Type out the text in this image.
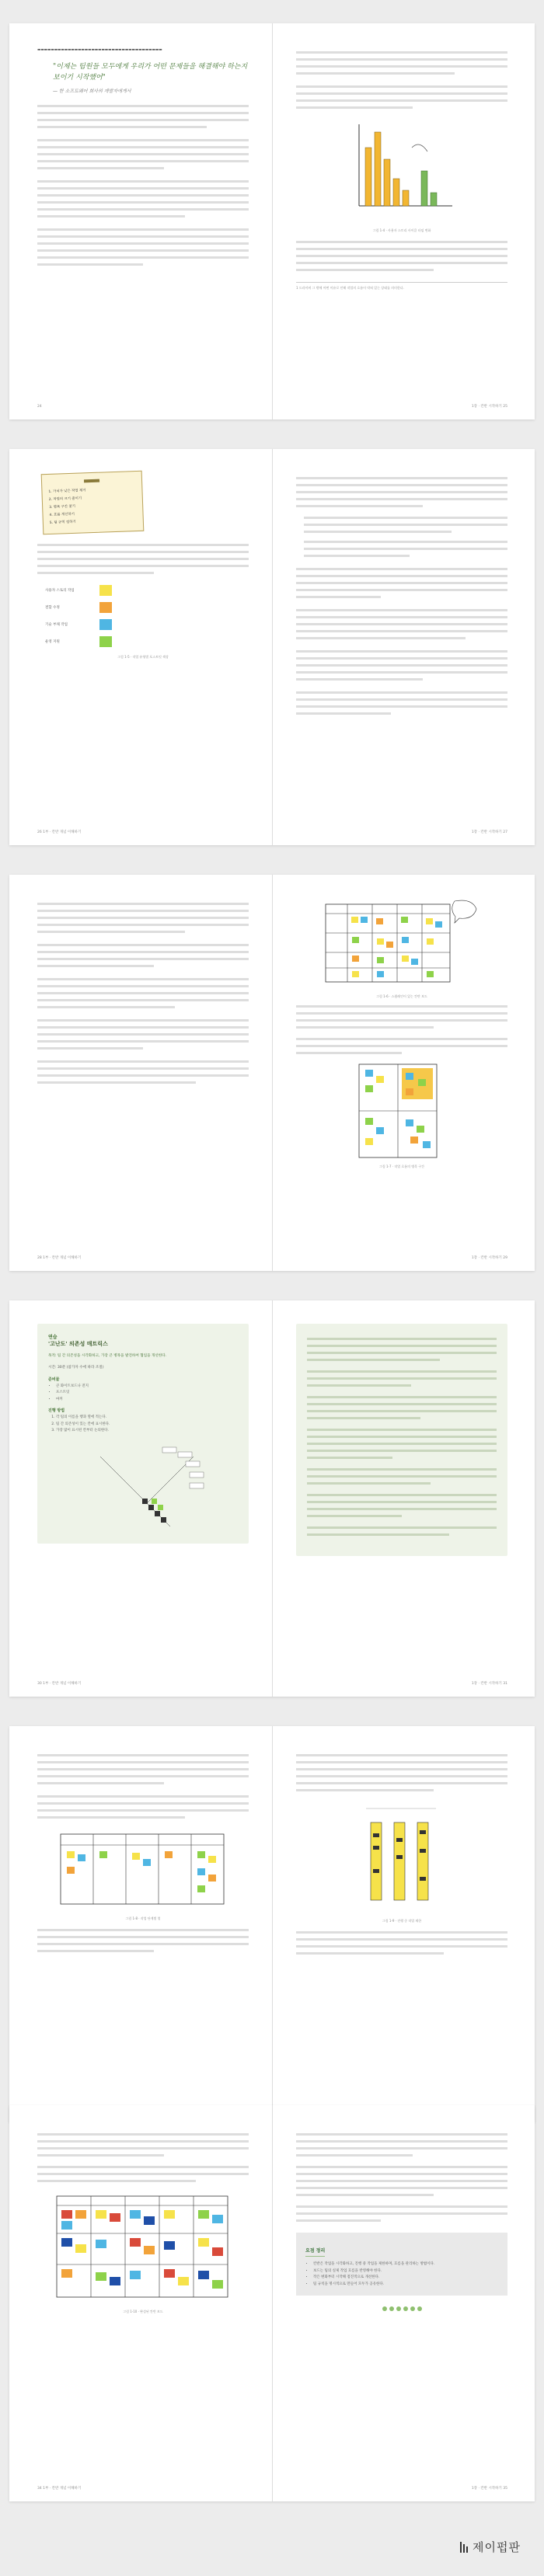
▬▬▬▬▬▬▬▬▬▬▬▬▬▬▬▬▬▬▬▬▬▬▬▬▬▬▬▬▬▬▬▬▬▬▬▬▬
"이제는 팀원들 모두에게 우리가 어떤 문제들을 해결해야 하는지 보이기 시작했어"
— 한 소프트웨어 회사의 개발자에게서
24
그림 1-4 · 사용자 스토리 사이클 타임 변화
1 드라이버 그 밖에 어떤 이유로 인해 작업의 흐름이 막혀 있는 상태를 의미한다.
1장 · 칸반 시작하기 25
1. 가치가 낮은 작업 제거
2. 작업의 크기 줄이기
3. 병목 구간 찾기
4. 흐름 개선하기
5. 팀 규칙 정하기
사용자 스토리 작업
결함 수정
기술 부채 작업
운영 지원
그림 1-5 · 작업 유형별 포스트잇 색상
26 1부 · 칸반 개념 이해하기	1장 · 칸반 시작하기 27
28 1부 · 칸반 개념 이해하기
그림 1-6 · 스윔레인이 있는 칸반 보드
그림 1-7 · 작업 흐름의 병목 구간
1장 · 칸반 시작하기 29
연습
'고난도' 의존성 매트릭스
목적: 팀 간 의존성을 시각화하고, 가장 큰 병목을 발견하여 협업을 개선한다.
시간: 30분 (참가자 수에 따라 조절)
준비물
• 큰 화이트보드나 전지
• 포스트잇
• 마커
진행 방법
1. 각 팀의 이름을 행과 열에 적는다.
2. 팀 간 의존성이 있는 칸에 표시한다.
3. 가장 많이 표시된 칸부터 논의한다.
30 1부 · 칸반 개념 이해하기	1장 · 칸반 시작하기 31
그림 1-8 · 작업 단계별 열
그림 1-9 · 진행 중 작업 제한
그림 1-10 · 완성된 칸반 보드
34 1부 · 칸반 개념 이해하기
요점 정리
• 칸반은 작업을 시각화하고, 진행 중 작업을 제한하며, 흐름을 관리하는 방법이다.
• 보드는 팀의 실제 작업 흐름을 반영해야 한다.
• 작은 변화부터 시작해 점진적으로 개선한다.
• 팀 규칙을 명시적으로 만들어 모두가 공유한다.
1장 · 칸반 시작하기 35
제이펍판
